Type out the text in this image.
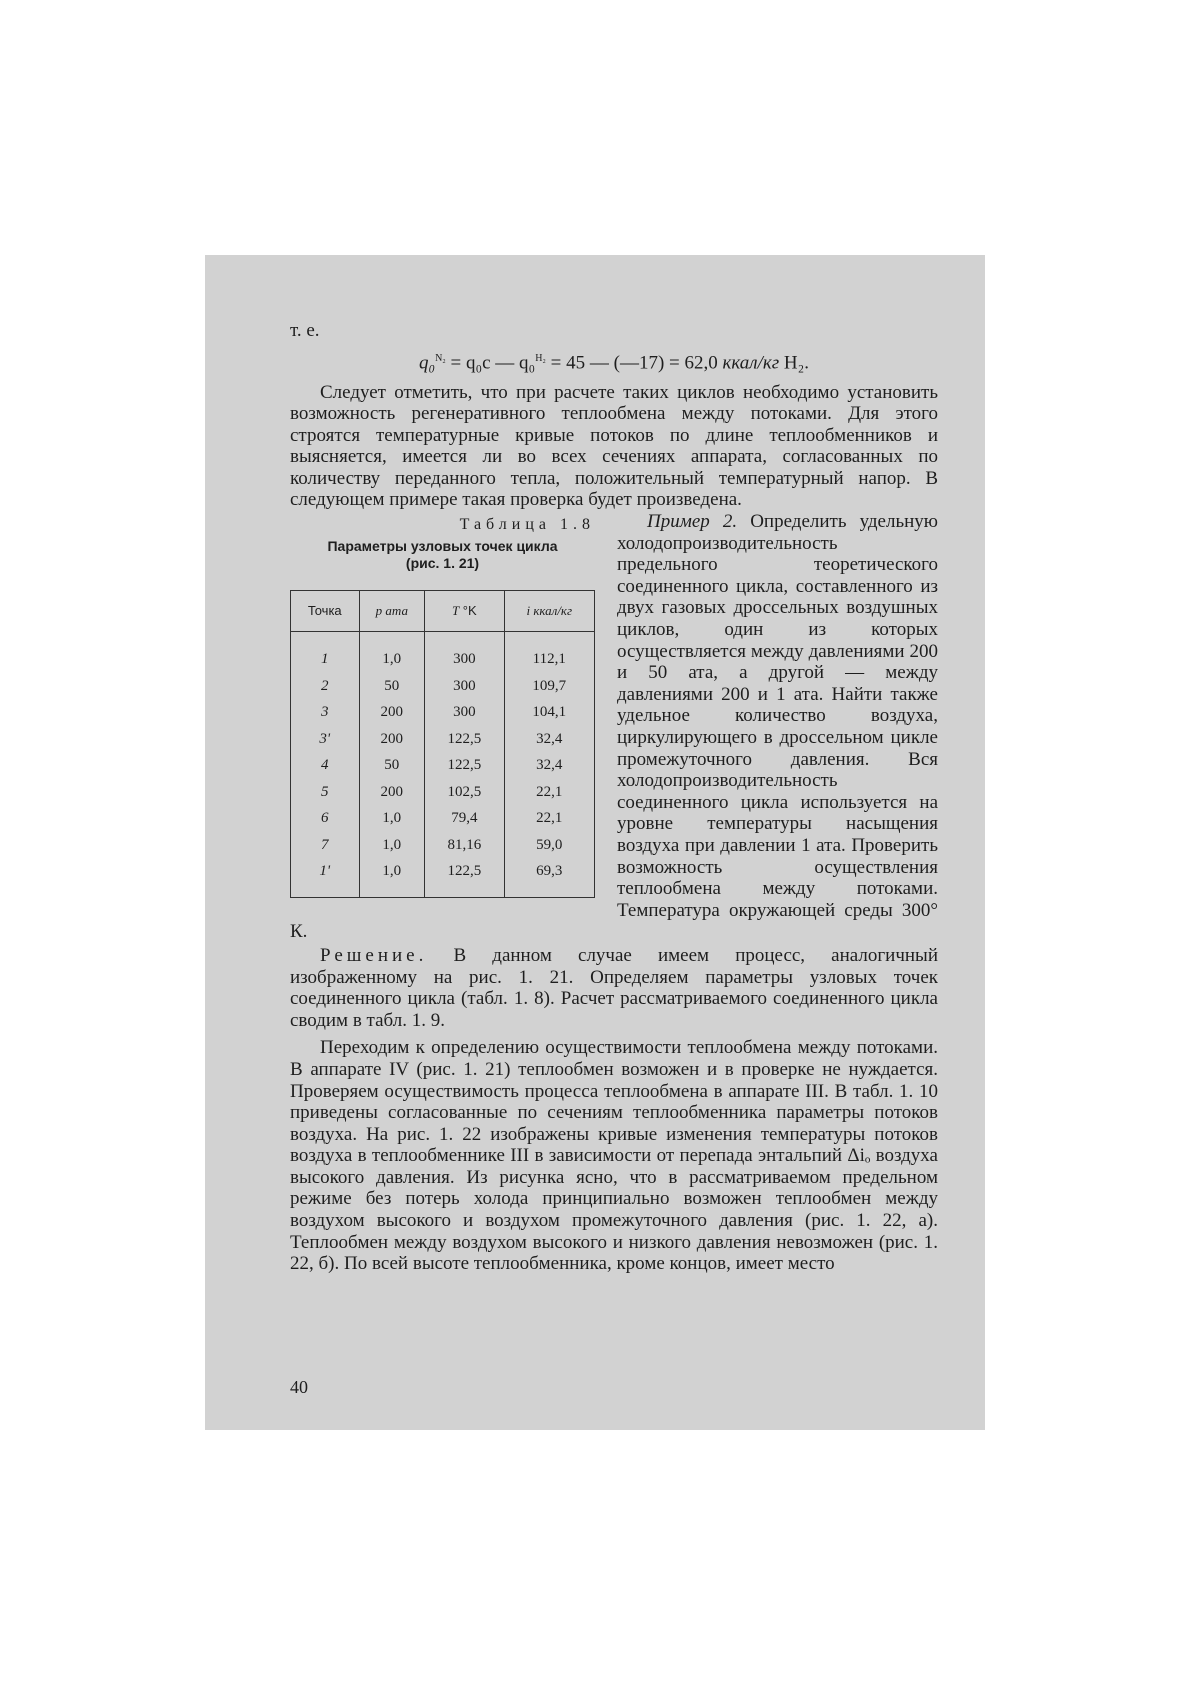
т. е.

q₀$^{N_2}$ = q₀c — q₀$^{H_2}$ = 45 — (—17) = 62,0 ккал/кг H₂.

Следует отметить, что при расчете таких циклов необходимо установить возможность регенеративного теплообмена между потоками. Для этого строятся температурные кривые потоков по длине теплообменников и выясняется, имеется ли во всех сечениях аппарата, согласованных по количеству переданного тепла, положительный температурный напор. В следующем примере такая проверка будет произведена.

Таблица 1.8
Параметры узловых точек цикла
(рис. 1. 21)
Точка	p ата	T °K	i ккал/кг
1	1,0	300	112,1
2	50	300	109,7
3	200	300	104,1
3'	200	122,5	32,4
4	50	122,5	32,4
5	200	102,5	22,1
6	1,0	79,4	22,1
7	1,0	81,16	59,0
1'	1,0	122,5	69,3

Пример 2. Определить удельную холодопроизводительность предельного теоретического соединенного цикла, составленного из двух газовых дроссельных воздушных циклов, один из которых осуществляется между давлениями 200 и 50 ата, а другой — между давлениями 200 и 1 ата. Найти также удельное количество воздуха, циркулирующего в дроссельном цикле промежуточного давления. Вся холодопроизводительность соединенного цикла используется на уровне температуры насыщения воздуха при давлении 1 ата. Проверить возможность осуществления теплообмена между потоками. Температура окружающей среды 300° К.

Решение. В данном случае имеем процесс, аналогичный изображенному на рис. 1. 21. Определяем параметры узловых точек соединенного цикла (табл. 1. 8). Расчет рассматриваемого соединенного цикла сводим в табл. 1. 9.

Переходим к определению осуществимости теплообмена между потоками. В аппарате IV (рис. 1. 21) теплообмен возможен и в проверке не нуждается. Проверяем осуществимость процесса теплообмена в аппарате III. В табл. 1. 10 приведены согласованные по сечениям теплообменника параметры потоков воздуха. На рис. 1. 22 изображены кривые изменения температуры потоков воздуха в теплообменнике III в зависимости от перепада энтальпий Δiₒ воздуха высокого давления. Из рисунка ясно, что в рассматриваемом предельном режиме без потерь холода принципиально возможен теплообмен между воздухом высокого и воздухом промежуточного давления (рис. 1. 22, а). Теплообмен между воздухом высокого и низкого давления невозможен (рис. 1. 22, б). По всей высоте теплообменника, кроме концов, имеет место

40
